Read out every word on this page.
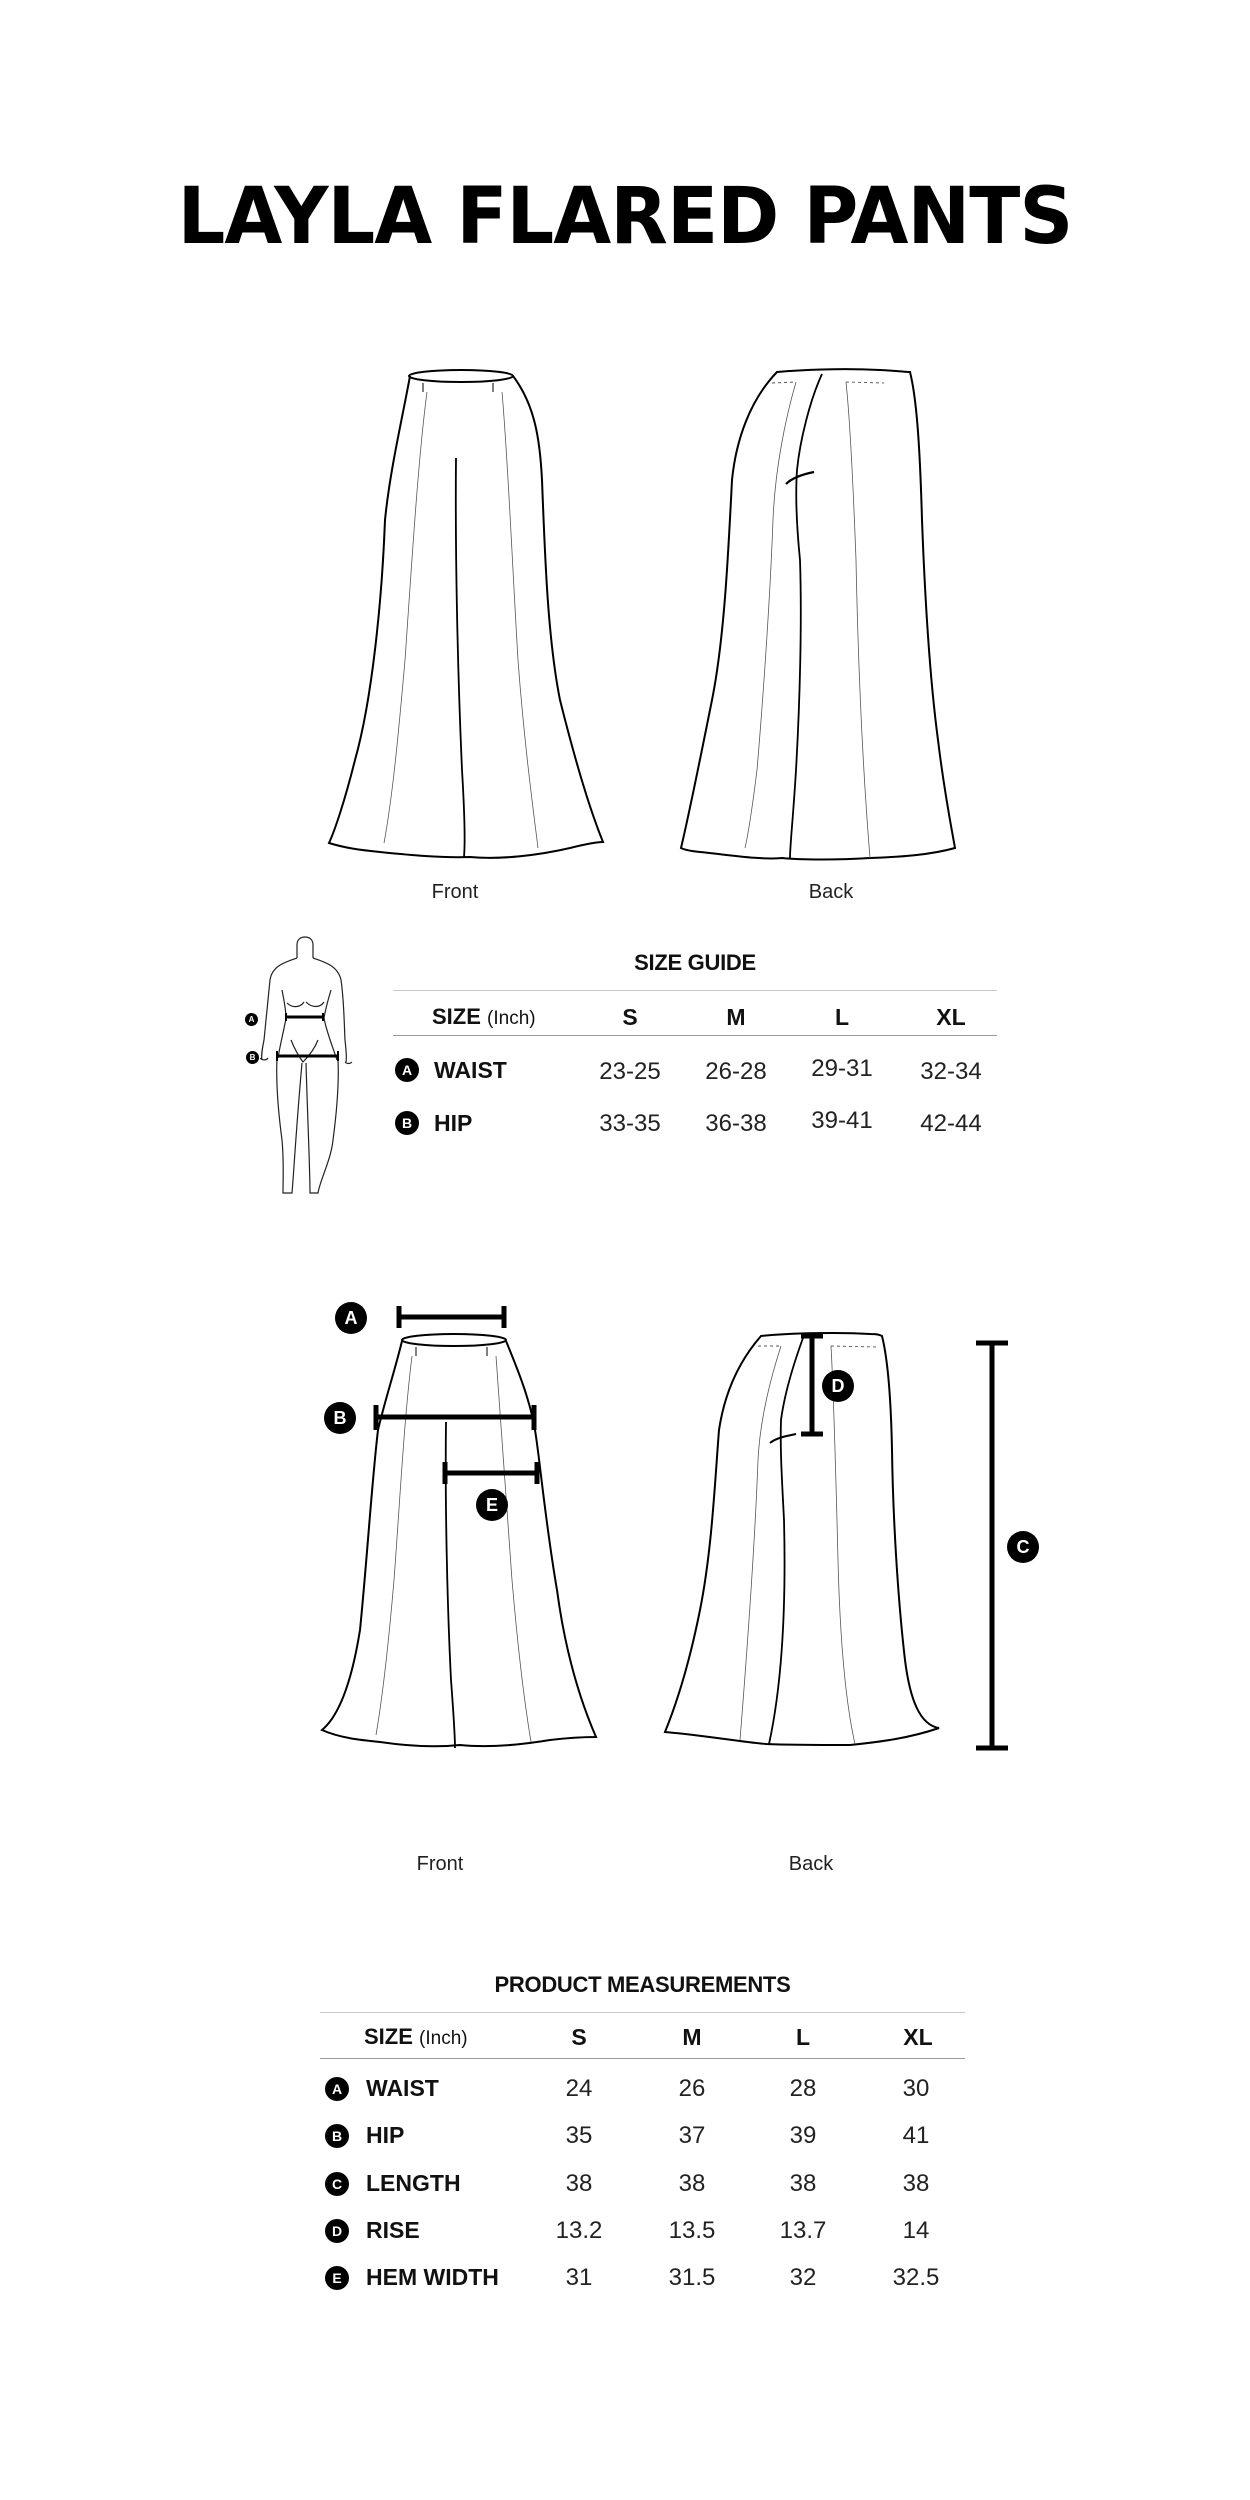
LAYLA FLARED PANTS
Front	Back
A
B
SIZE GUIDE
SIZE (Inch)	S	M	L	XL
A WAIST	23-25	26-28	29-31	32-34
B HIP	33-35	36-38	39-41	42-44
A
B
E
D
C
Front	Back
PRODUCT MEASUREMENTS
SIZE (Inch)	S	M	L	XL
A	WAIST	24	26	28	30
B	HIP	35	37	39	41
C	LENGTH	38	38	38	38
D	RISE	13.2	13.5	13.7	14
E	HEM WIDTH	31	31.5	32	32.5
